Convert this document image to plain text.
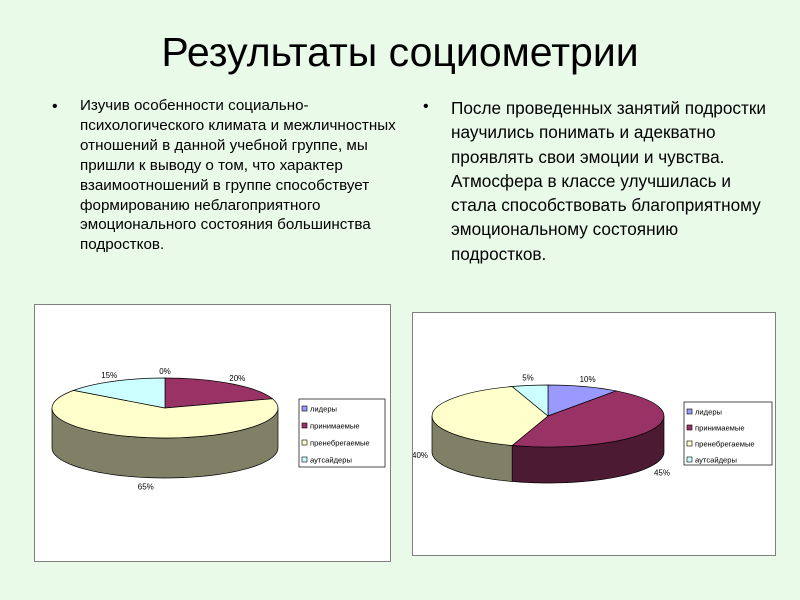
Результаты социометрии
• Изучив особенности социально-психологического климата и межличностных отношений в данной учебной группе, мы пришли к выводу о том, что характер взаимоотношений в группе способствует формированию неблагоприятного эмоционального состояния большинства подростков.

• После проведенных занятий подростки научились понимать и адекватно проявлять свои эмоции и чувства. Атмосфера в классе улучшилась и стала способствовать благоприятному эмоциональному состоянию подростков.

0%
20%
65%
15%
лидеры
принимаемые
пренебрегаемые
аутсайдеры
10%
45%
40%
5%
лидеры
принимаемые
пренебрегаемые
аутсайдеры
